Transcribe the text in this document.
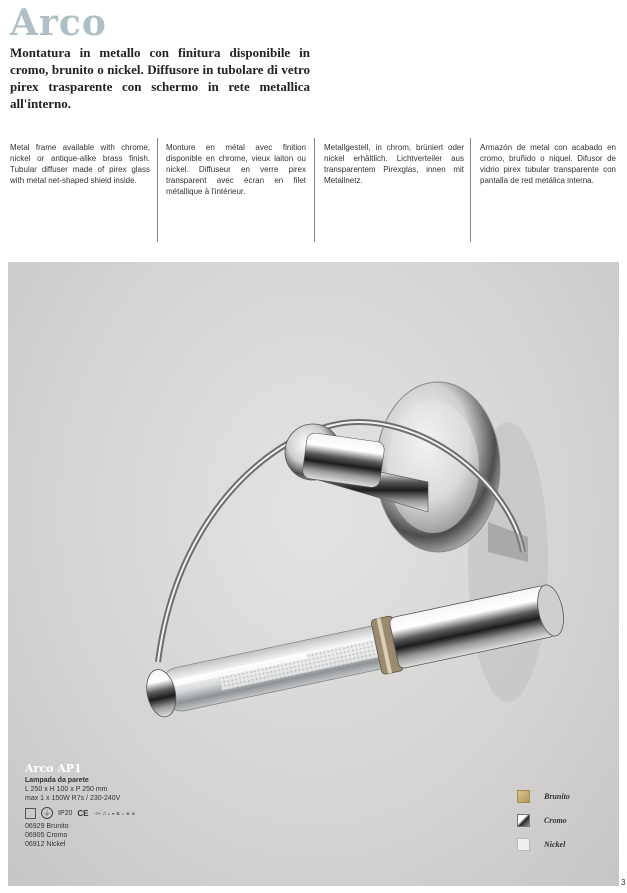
Arco
Montatura in metallo con finitura disponibile in cromo, brunito o nickel. Diffusore in tubolare di vetro pirex trasparente con schermo in rete metallica all'interno.
Metal frame available with chrome, nickel or antique-alike brass finish. Tubular diffuser made of pirex glass with metal net-shaped shield inside.
Monture en métal avec finition disponible en chrome, vieux laiton ou nickel. Diffuseur en verre pirex transparent avec écran en filet métallique à l'intérieur.
Metallgestell, in chrom, brüniert oder nickel erhältlich. Lichtverteiler aus transparentem Pirexglas, innen mit Metallnetz.
Armazón de metal con acabado en cromo, bruñido o niquel. Difusor de vidrio pirex tubular transparente con pantalla de red metálica interna.
Arco AP1
Lampada da parete
L 250 x H 100 x P 250 mm
max 1 x 150W R7s / 230-240V
⏚	IP20 CE ⊣⊢ ⎍ ▵ ▾ ⊠ ⌂ ⊗ ⊗
06929 Brunito
06905 Cromo
06912 Nickel
Brunito
Cromo
Nickel
3
